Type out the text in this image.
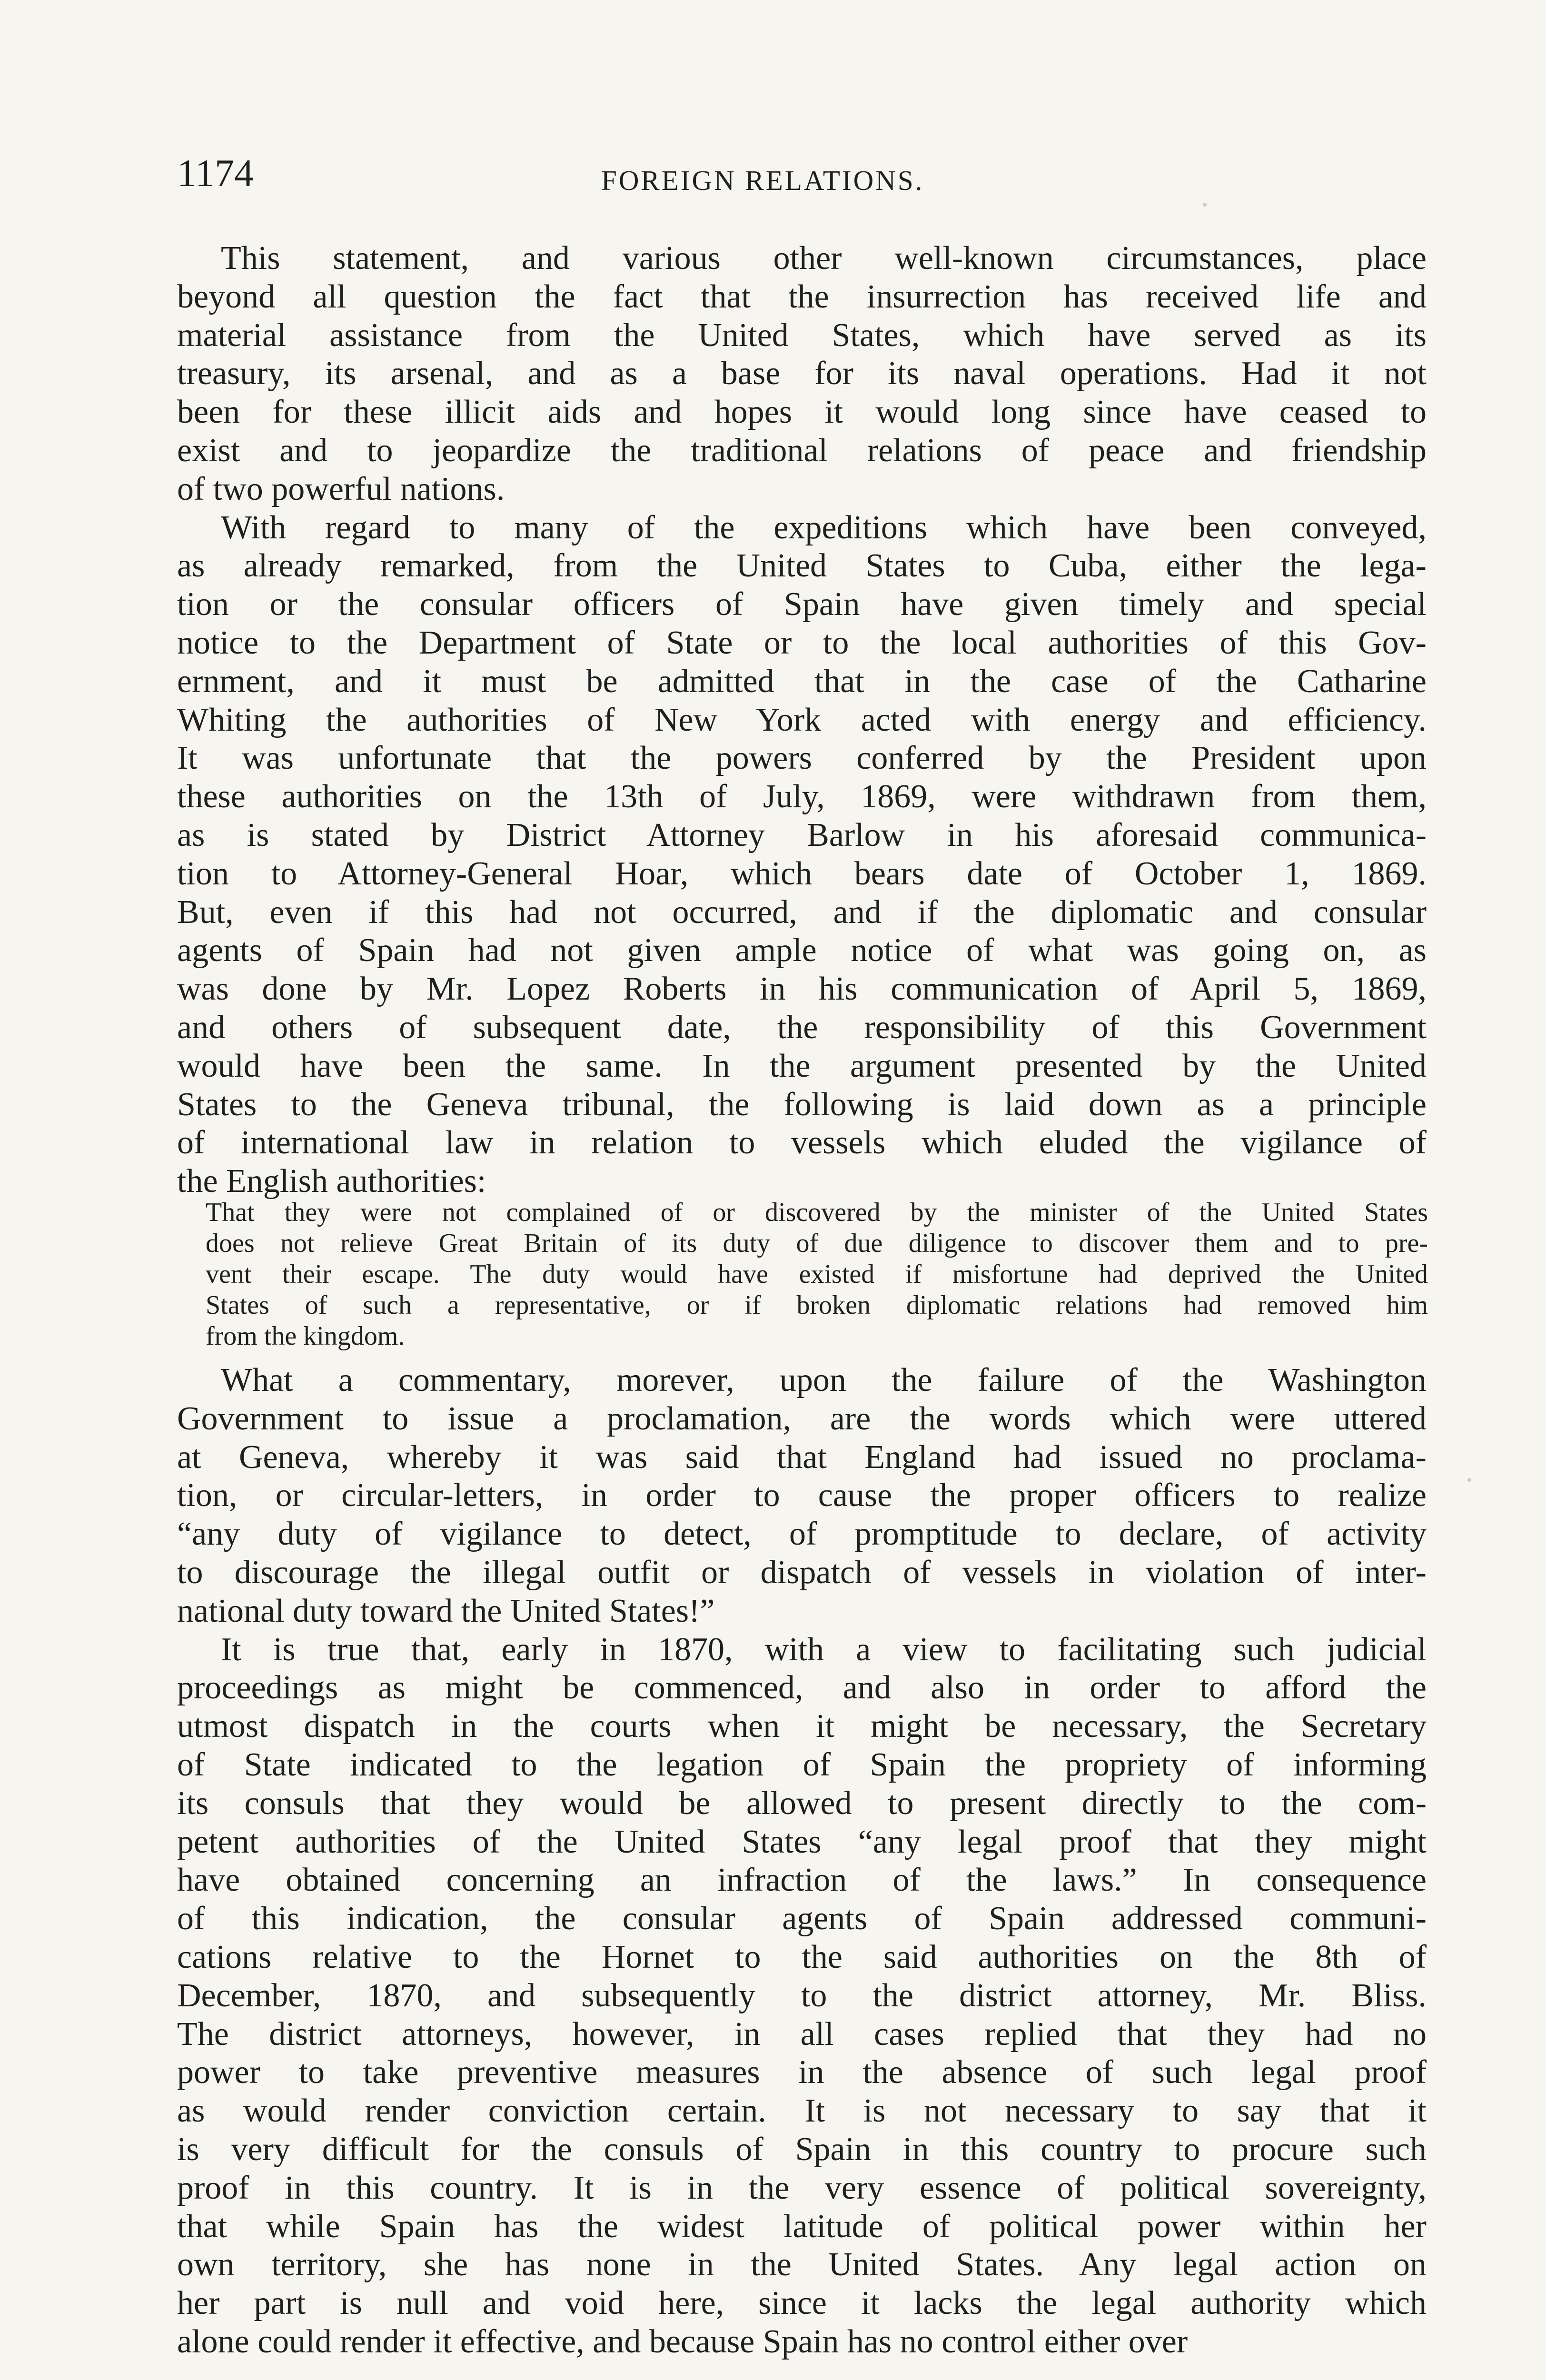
1174	FOREIGN RELATIONS.
This statement, and various other well-known circumstances, place
beyond all question the fact that the insurrection has received life and
material assistance from the United States, which have served as its
treasury, its arsenal, and as a base for its naval operations. Had it not
been for these illicit aids and hopes it would long since have ceased to
exist and to jeopardize the traditional relations of peace and friendship
of two powerful nations.
With regard to many of the expeditions which have been conveyed,
as already remarked, from the United States to Cuba, either the lega-
tion or the consular officers of Spain have given timely and special
notice to the Department of State or to the local authorities of this Gov-
ernment, and it must be admitted that in the case of the Catharine
Whiting the authorities of New York acted with energy and efficiency.
It was unfortunate that the powers conferred by the President upon
these authorities on the 13th of July, 1869, were withdrawn from them,
as is stated by District Attorney Barlow in his aforesaid communica-
tion to Attorney-General Hoar, which bears date of October 1, 1869.
But, even if this had not occurred, and if the diplomatic and consular
agents of Spain had not given ample notice of what was going on, as
was done by Mr. Lopez Roberts in his communication of April 5, 1869,
and others of subsequent date, the responsibility of this Government
would have been the same. In the argument presented by the United
States to the Geneva tribunal, the following is laid down as a principle
of international law in relation to vessels which eluded the vigilance of
the English authorities:
That they were not complained of or discovered by the minister of the United States
does not relieve Great Britain of its duty of due diligence to discover them and to pre-
vent their escape. The duty would have existed if misfortune had deprived the United
States of such a representative, or if broken diplomatic relations had removed him
from the kingdom.
What a commentary, morever, upon the failure of the Washington
Government to issue a proclamation, are the words which were uttered
at Geneva, whereby it was said that England had issued no proclama-
tion, or circular-letters, in order to cause the proper officers to realize
“any duty of vigilance to detect, of promptitude to declare, of activity
to discourage the illegal outfit or dispatch of vessels in violation of inter-
national duty toward the United States!”
It is true that, early in 1870, with a view to facilitating such judicial
proceedings as might be commenced, and also in order to afford the
utmost dispatch in the courts when it might be necessary, the Secretary
of State indicated to the legation of Spain the propriety of informing
its consuls that they would be allowed to present directly to the com-
petent authorities of the United States “any legal proof that they might
have obtained concerning an infraction of the laws.” In consequence
of this indication, the consular agents of Spain addressed communi-
cations relative to the Hornet to the said authorities on the 8th of
December, 1870, and subsequently to the district attorney, Mr. Bliss.
The district attorneys, however, in all cases replied that they had no
power to take preventive measures in the absence of such legal proof
as would render conviction certain. It is not necessary to say that it
is very difficult for the consuls of Spain in this country to procure such
proof in this country. It is in the very essence of political sovereignty,
that while Spain has the widest latitude of political power within her
own territory, she has none in the United States. Any legal action on
her part is null and void here, since it lacks the legal authority which
alone could render it effective, and because Spain has no control either over
